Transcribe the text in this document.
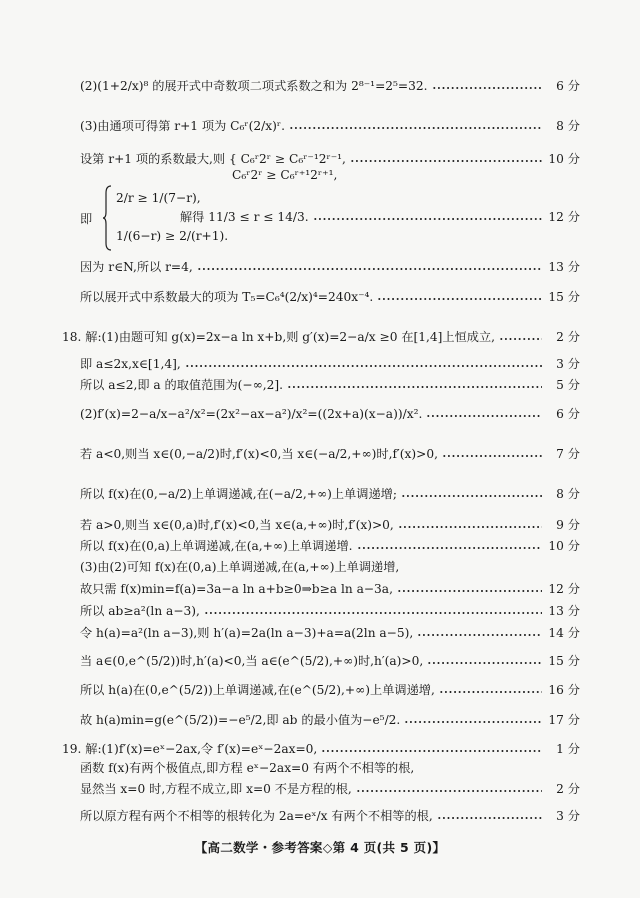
(2)(1+2/x)⁸ 的展开式中奇数项二项式系数之和为 2⁸⁻¹=2⁵=32.	6 分
(3)由通项可得第 r+1 项为 C₆ʳ(2/x)ʳ.	8 分
设第 r+1 项的系数最大,则 { C₆ʳ2ʳ ≥ C₆ʳ⁻¹2ʳ⁻¹,	10 分
C₆ʳ2ʳ ≥ C₆ʳ⁺¹2ʳ⁺¹,
即
2/r ≥ 1/(7−r),
1/(6−r) ≥ 2/(r+1).
解得 11/3 ≤ r ≤ 14/3.	12 分
因为 r∈N,所以 r=4,	13 分
所以展开式中系数最大的项为 T₅=C₆⁴(2/x)⁴=240x⁻⁴.	15 分
18. 解:(1)由题可知 g(x)=2x−a ln x+b,则 g′(x)=2−a/x ≥0 在[1,4]上恒成立,	2 分
即 a≤2x,x∈[1,4],	3 分
所以 a≤2,即 a 的取值范围为(−∞,2].	5 分
(2)f′(x)=2−a/x−a²/x²=(2x²−ax−a²)/x²=((2x+a)(x−a))/x².	6 分
若 a<0,则当 x∈(0,−a/2)时,f′(x)<0,当 x∈(−a/2,+∞)时,f′(x)>0,	7 分
所以 f(x)在(0,−a/2)上单调递减,在(−a/2,+∞)上单调递增;	8 分
若 a>0,则当 x∈(0,a)时,f′(x)<0,当 x∈(a,+∞)时,f′(x)>0,	9 分
所以 f(x)在(0,a)上单调递减,在(a,+∞)上单调递增.	10 分
(3)由(2)可知 f(x)在(0,a)上单调递减,在(a,+∞)上单调递增,
故只需 f(x)min=f(a)=3a−a ln a+b≥0⇒b≥a ln a−3a,	12 分
所以 ab≥a²(ln a−3),	13 分
令 h(a)=a²(ln a−3),则 h′(a)=2a(ln a−3)+a=a(2ln a−5),	14 分
当 a∈(0,e^(5/2))时,h′(a)<0,当 a∈(e^(5/2),+∞)时,h′(a)>0,	15 分
所以 h(a)在(0,e^(5/2))上单调递减,在(e^(5/2),+∞)上单调递增,	16 分
故 h(a)min=g(e^(5/2))=−e⁵/2,即 ab 的最小值为−e⁵/2.	17 分
19. 解:(1)f′(x)=eˣ−2ax,令 f′(x)=eˣ−2ax=0,	1 分
函数 f(x)有两个极值点,即方程 eˣ−2ax=0 有两个不相等的根,
显然当 x=0 时,方程不成立,即 x=0 不是方程的根,	2 分
所以原方程有两个不相等的根转化为 2a=eˣ/x 有两个不相等的根,	3 分
【高二数学・参考答案◇第 4 页(共 5 页)】
